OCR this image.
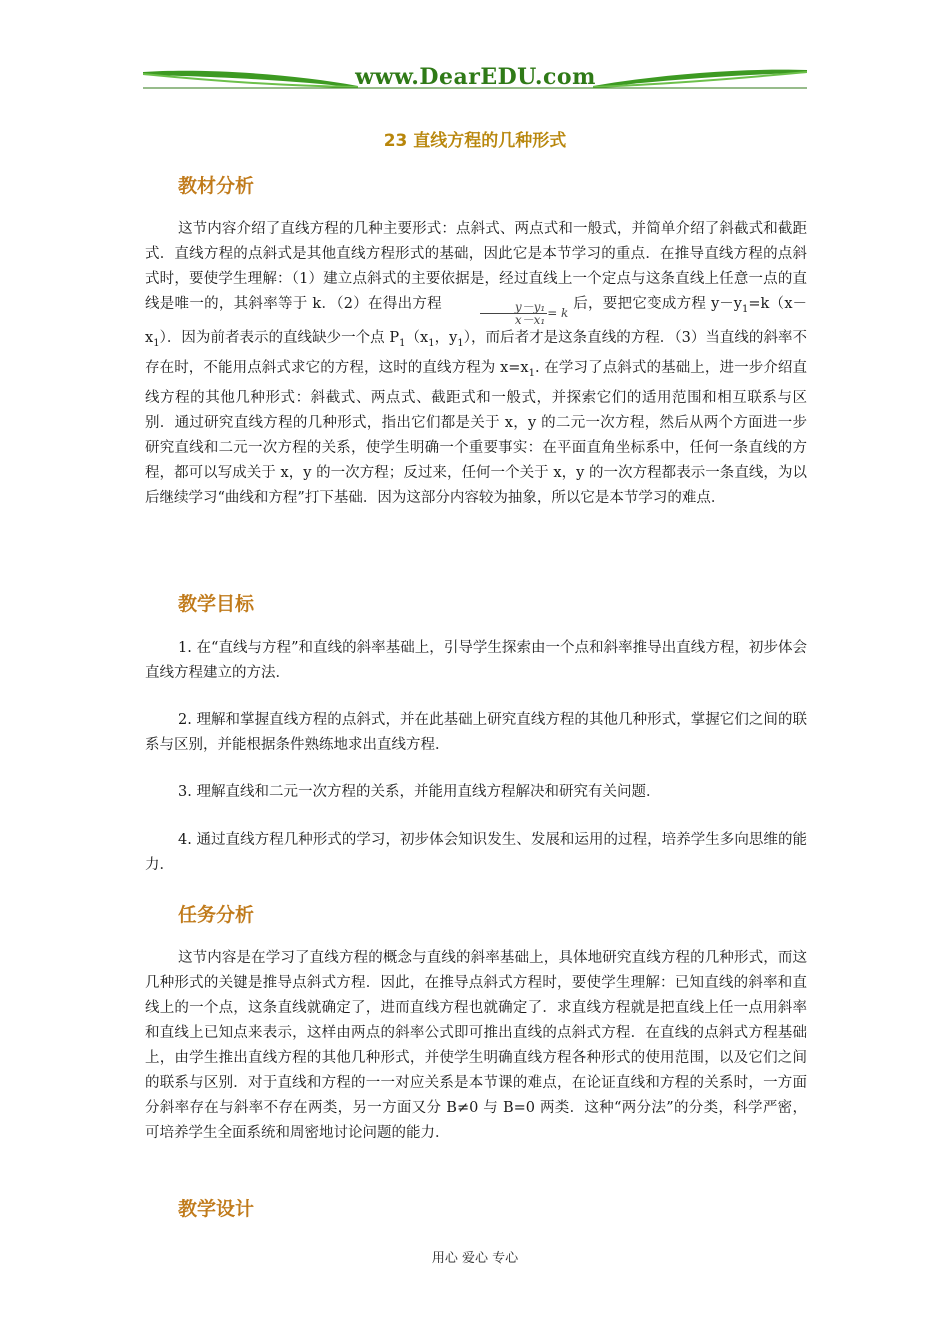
www.DearEDU.com
23 直线方程的几种形式
教材分析

这节内容介绍了直线方程的几种主要形式：点斜式、两点式和一般式，并简单介绍了斜截式和截距式．直线方程的点斜式是其他直线方程形式的基础，因此它是本节学习的重点．在推导直线方程的点斜式时，要使学生理解：（1）建立点斜式的主要依据是，经过直线上一个定点与这条直线上任意一点的直线是唯一的，其斜率等于 k．（2）在得出方程	$\frac{\text{y－y₁}}{\text{x－x₁}} = k$ 后，要把它变成方程 $y-y_1=k(x-x_1)$．因为前者表示的直线缺少一个点 $P_1(x_1$，$y_1$），而后者才是这条直线的方程．（3）当直线的斜率不存在时，不能用点斜式求它的方程，这时的直线方程为 $x=x_1$. 在学习了点斜式的基础上，进一步介绍直线方程的其他几种形式：斜截式、两点式、截距式和一般式，并探索它们的适用范围和相互联系与区别．通过研究直线方程的几种形式，指出它们都是关于 x，y 的二元一次方程，然后从两个方面进一步研究直线和二元一次方程的关系，使学生明确一个重要事实：在平面直角坐标系中，任何一条直线的方程，都可以写成关于 x，y 的一次方程；反过来，任何一个关于 x，y 的一次方程都表示一条直线，为以后继续学习“曲线和方程”打下基础．因为这部分内容较为抽象，所以它是本节学习的难点．

教学目标

1. 在“直线与方程”和直线的斜率基础上，引导学生探索由一个点和斜率推导出直线方程，初步体会直线方程建立的方法．

2. 理解和掌握直线方程的点斜式，并在此基础上研究直线方程的其他几种形式，掌握它们之间的联系与区别，并能根据条件熟练地求出直线方程．

3. 理解直线和二元一次方程的关系，并能用直线方程解决和研究有关问题．

4. 通过直线方程几种形式的学习，初步体会知识发生、发展和运用的过程，培养学生多向思维的能力．

任务分析

这节内容是在学习了直线方程的概念与直线的斜率基础上，具体地研究直线方程的几种形式，而这几种形式的关键是推导点斜式方程．因此，在推导点斜式方程时，要使学生理解：已知直线的斜率和直线上的一个点，这条直线就确定了，进而直线方程也就确定了．求直线方程就是把直线上任一点用斜率和直线上已知点来表示，这样由两点的斜率公式即可推出直线的点斜式方程．在直线的点斜式方程基础上，由学生推出直线方程的其他几种形式，并使学生明确直线方程各种形式的使用范围，以及它们之间的联系与区别．对于直线和方程的一一对应关系是本节课的难点，在论证直线和方程的关系时，一方面分斜率存在与斜率不存在两类，另一方面又分 B≠0 与 B=0 两类．这种“两分法”的分类，科学严密，可培养学生全面系统和周密地讨论问题的能力．

教学设计
用心 爱心 专心
